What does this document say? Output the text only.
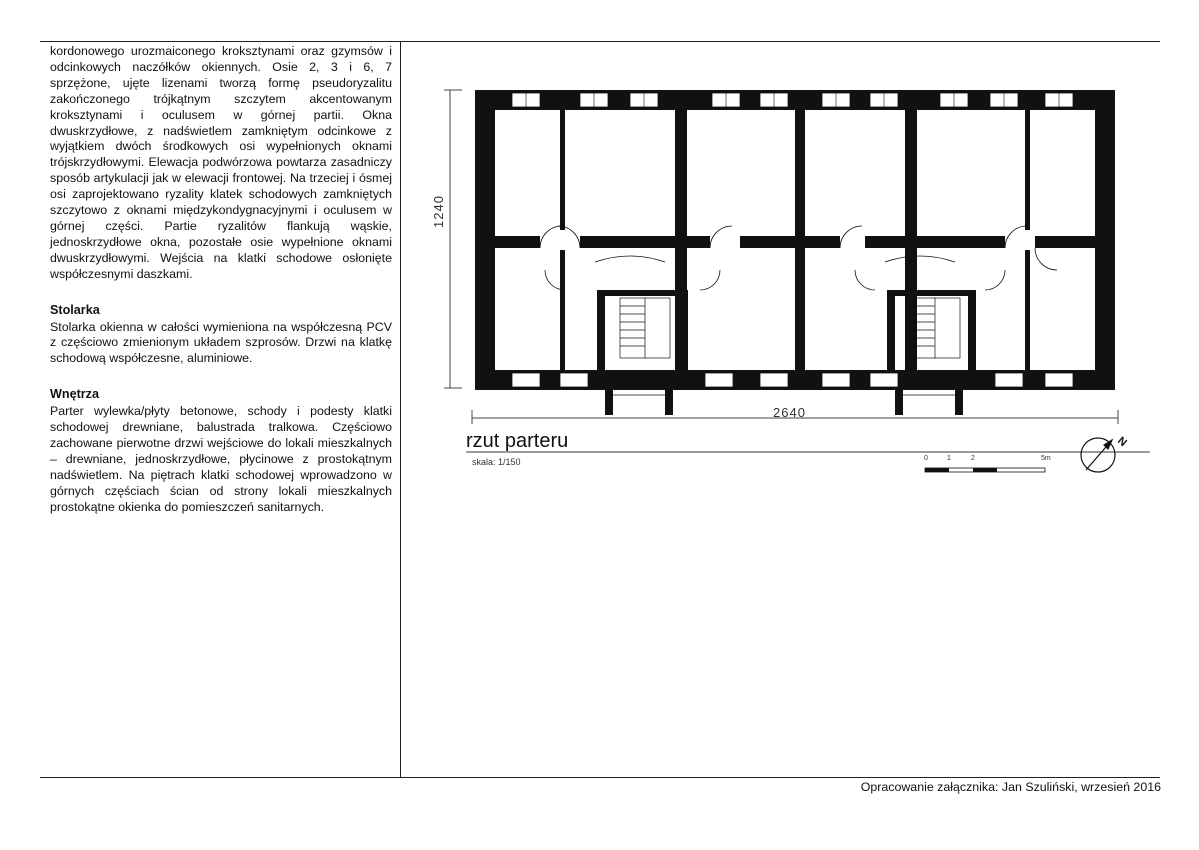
kordonowego urozmaiconego kroksztynami oraz gzymsów i odcinkowych naczółków okiennych. Osie 2, 3 i 6, 7 sprzężone, ujęte lizenami tworzą formę pseudoryzalitu zakończonego trójkątnym szczytem akcentowanym kroksztynami i oculusem w górnej partii. Okna dwuskrzydłowe, z nadświetlem zamkniętym odcinkowe z wyjątkiem dwóch środkowych osi wypełnionych oknami trójskrzydłowymi. Elewacja podwórzowa powtarza zasadniczy sposób artykulacji jak w elewacji frontowej. Na trzeciej i ósmej osi zaprojektowano ryzality klatek schodowych zamkniętych szczytowo z oknami międzykondygnacyjnymi i oculusem w górnej części. Partie ryzalitów flankują wąskie, jednoskrzydłowe okna, pozostałe osie wypełnione oknami dwuskrzydłowymi. Wejścia na klatki schodowe osłonięte współczesnymi daszkami.

Stolarka

Stolarka okienna w całości wymieniona na współczesną PCV z częściowo zmienionym układem szprosów. Drzwi na klatkę schodową współczesne, aluminiowe.

Wnętrza

Parter wylewka/płyty betonowe, schody i podesty klatki schodowej drewniane, balustrada tralkowa. Częściowo zachowane pierwotne drzwi wejściowe do lokali mieszkalnych – drewniane, jednoskrzydłowe, płycinowe z prostokątnym nadświetlem. Na piętrach klatki schodowej wprowadzono w górnych częściach ścian od strony lokali mieszkalnych prostokątne okienka do pomieszczeń sanitarnych.

1240
2640
0	1	2	5m
N
rzut parteru
skala: 1/150
Opracowanie załącznika: Jan Szuliński, wrzesień 2016
